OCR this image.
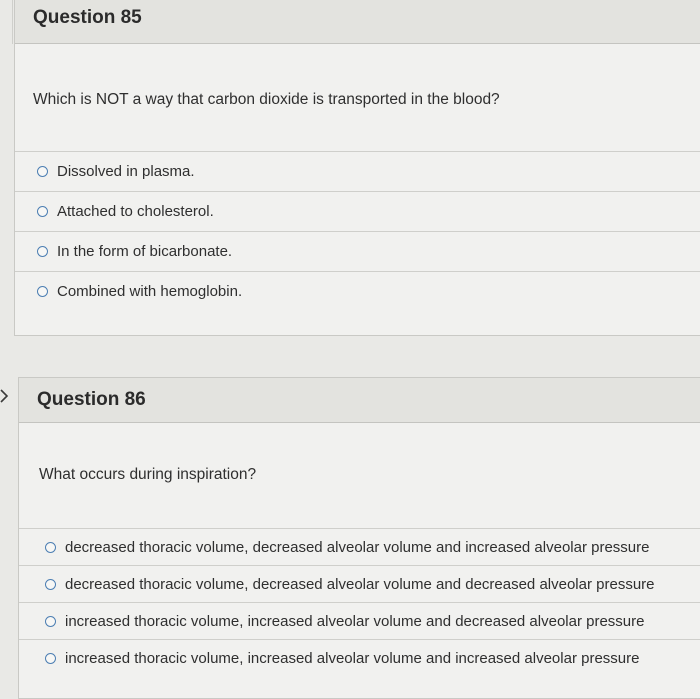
Question 85
Which is NOT a way that carbon dioxide is transported in the blood?
Dissolved in plasma.
Attached to cholesterol.
In the form of bicarbonate.
Combined with hemoglobin.
Question 86
What occurs during inspiration?
decreased thoracic volume, decreased alveolar volume and increased alveolar pressure
decreased thoracic volume, decreased alveolar volume and decreased alveolar pressure
increased thoracic volume, increased alveolar volume and decreased alveolar pressure
increased thoracic volume, increased alveolar volume and increased alveolar pressure
